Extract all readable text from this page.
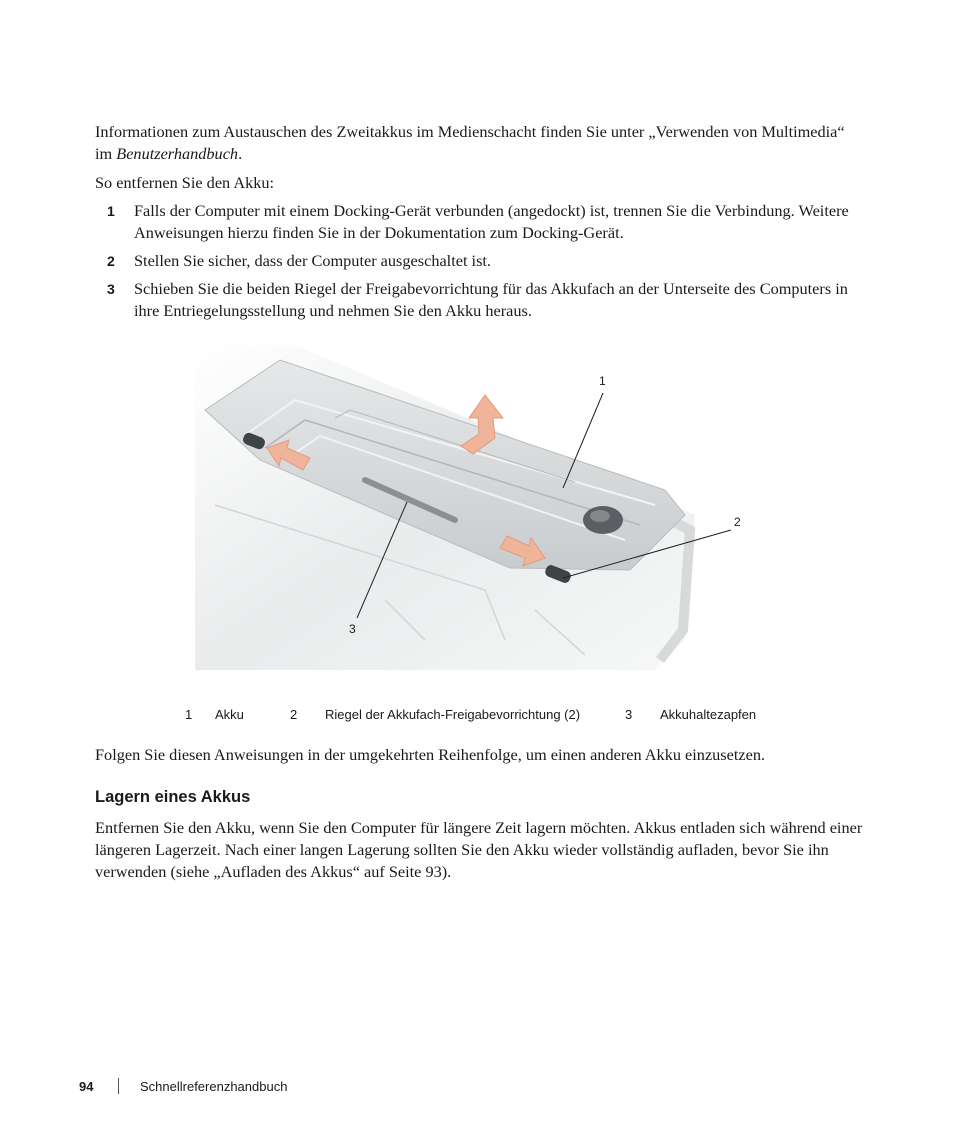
Informationen zum Austauschen des Zweitakkus im Medienschacht finden Sie unter „Verwenden von Multimedia“ im Benutzerhandbuch.

So entfernen Sie den Akku:

1 Falls der Computer mit einem Docking-Gerät verbunden (angedockt) ist, trennen Sie die Verbindung. Weitere Anweisungen hierzu finden Sie in der Dokumentation zum Docking-Gerät.
2 Stellen Sie sicher, dass der Computer ausgeschaltet ist.
3 Schieben Sie die beiden Riegel der Freigabevorrichtung für das Akkufach an der Unterseite des Computers in ihre Entriegelungsstellung und nehmen Sie den Akku heraus.
1
2
3
1 Akku	2 Riegel der Akkufach-Freigabevorrichtung (2)	3 Akkuhaltezapfen

Folgen Sie diesen Anweisungen in der umgekehrten Reihenfolge, um einen anderen Akku einzusetzen.

Lagern eines Akkus

Entfernen Sie den Akku, wenn Sie den Computer für längere Zeit lagern möchten. Akkus entladen sich während einer längeren Lagerzeit. Nach einer langen Lagerung sollten Sie den Akku wieder vollständig aufladen, bevor Sie ihn verwenden (siehe „Aufladen des Akkus“ auf Seite 93).

94	Schnellreferenzhandbuch
